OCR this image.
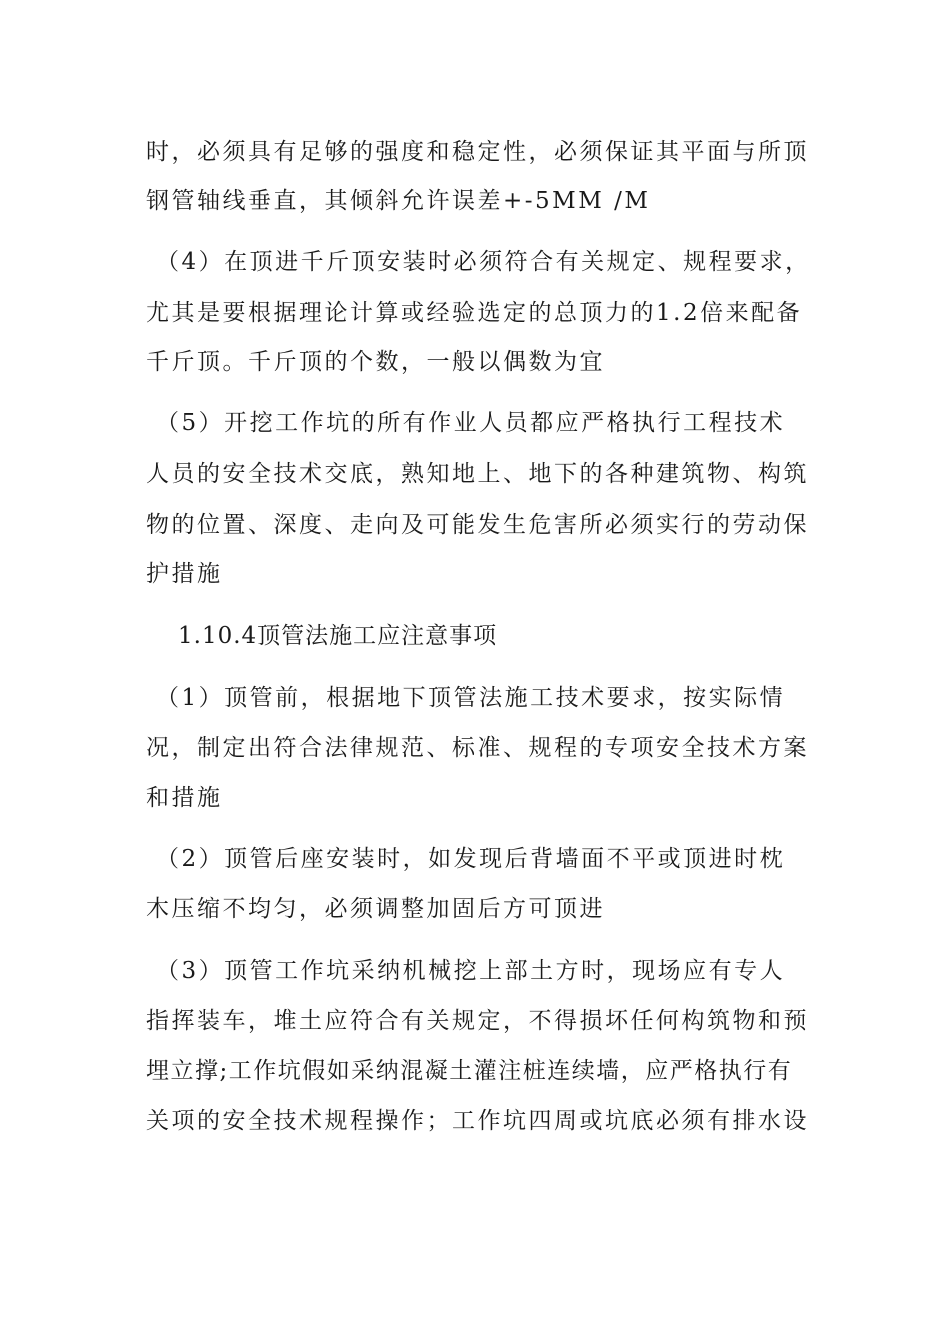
时，必须具有足够的强度和稳定性，必须保证其平面与所顶
钢管轴线垂直，其倾斜允许误差+-5MM /M
（4）在顶进千斤顶安装时必须符合有关规定、规程要求，
尤其是要根据理论计算或经验选定的总顶力的1.2倍来配备
千斤顶。千斤顶的个数，一般以偶数为宜
（5）开挖工作坑的所有作业人员都应严格执行工程技术
人员的安全技术交底，熟知地上、地下的各种建筑物、构筑
物的位置、深度、走向及可能发生危害所必须实行的劳动保
护措施
1.10.4顶管法施工应注意事项
（1）顶管前，根据地下顶管法施工技术要求，按实际情
况，制定出符合法律规范、标准、规程的专项安全技术方案
和措施
（2）顶管后座安装时，如发现后背墙面不平或顶进时枕
木压缩不均匀，必须调整加固后方可顶进
（3）顶管工作坑采纳机械挖上部土方时，现场应有专人
指挥装车，堆土应符合有关规定，不得损坏任何构筑物和预
埋立撑;工作坑假如采纳混凝土灌注桩连续墙，应严格执行有
关项的安全技术规程操作；工作坑四周或坑底必须有排水设
